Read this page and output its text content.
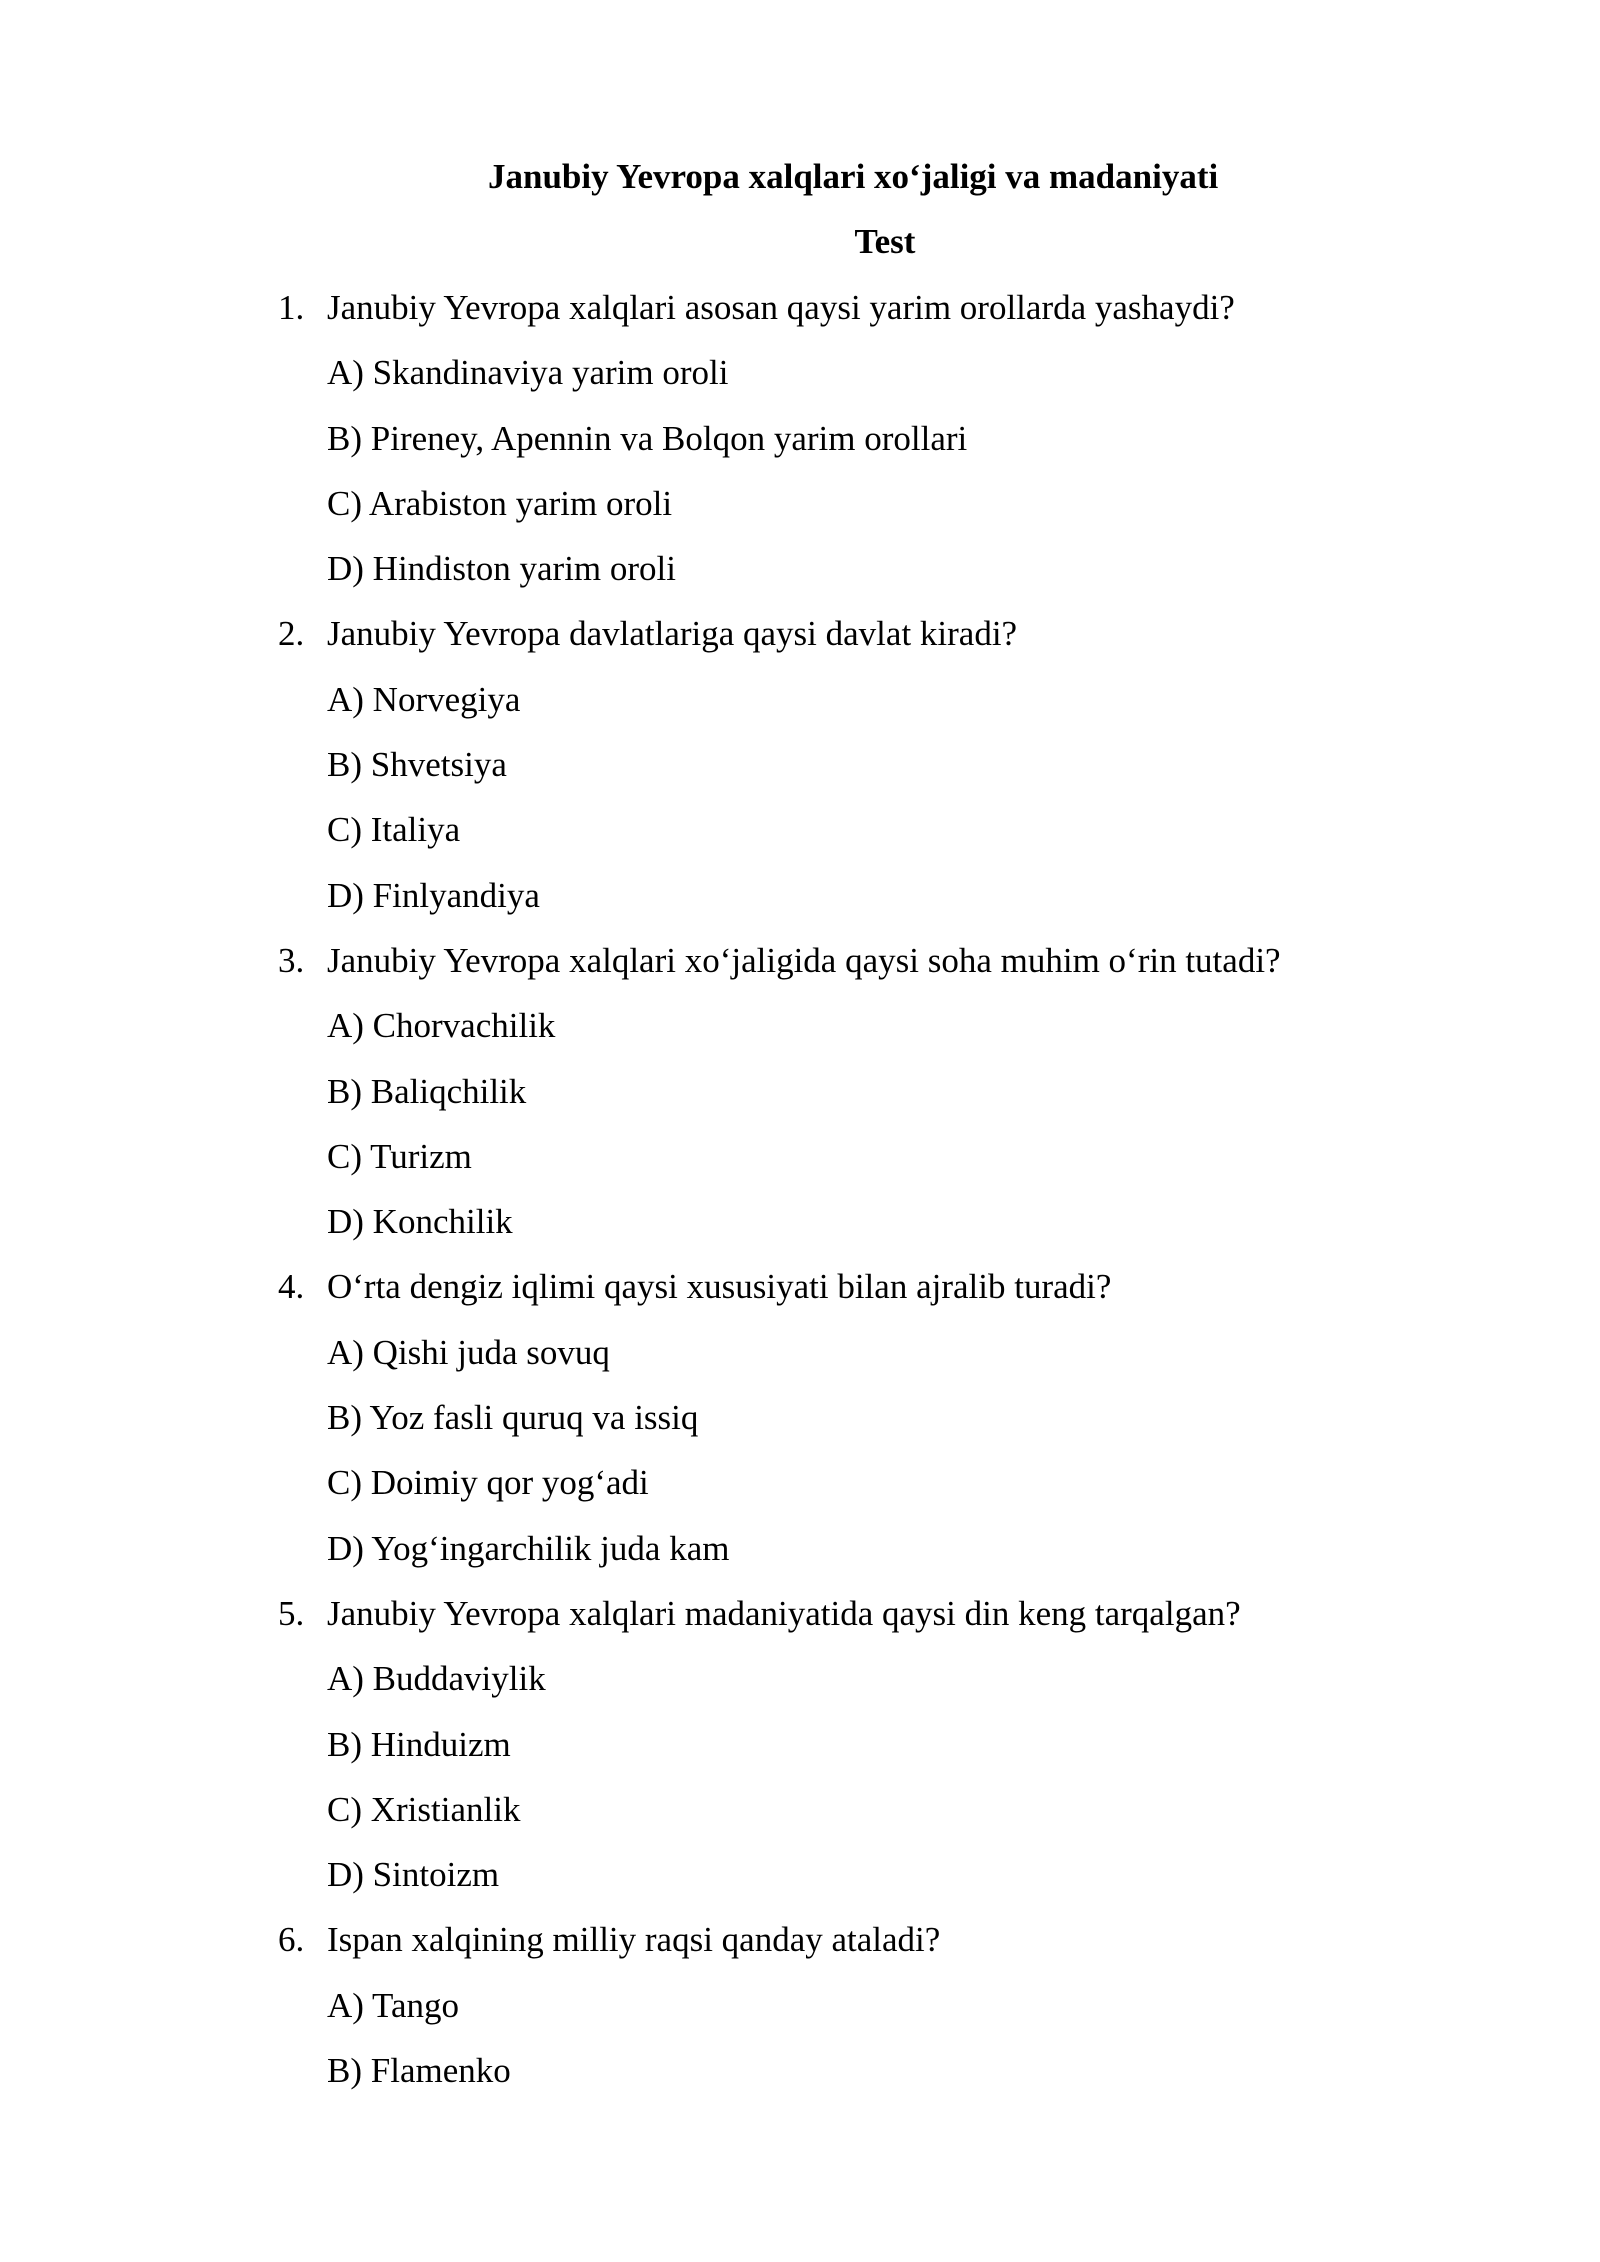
Janubiy Yevropa xalqlari xo‘jaligi va madaniyati
Test
1. Janubiy Yevropa xalqlari asosan qaysi yarim orollarda yashaydi?
A) Skandinaviya yarim oroli
B) Pireney, Apennin va Bolqon yarim orollari
C) Arabiston yarim oroli
D) Hindiston yarim oroli
2. Janubiy Yevropa davlatlariga qaysi davlat kiradi?
A) Norvegiya
B) Shvetsiya
C) Italiya
D) Finlyandiya
3. Janubiy Yevropa xalqlari xo‘jaligida qaysi soha muhim o‘rin tutadi?
A) Chorvachilik
B) Baliqchilik
C) Turizm
D) Konchilik
4. O‘rta dengiz iqlimi qaysi xususiyati bilan ajralib turadi?
A) Qishi juda sovuq
B) Yoz fasli quruq va issiq
C) Doimiy qor yog‘adi
D) Yog‘ingarchilik juda kam
5. Janubiy Yevropa xalqlari madaniyatida qaysi din keng tarqalgan?
A) Buddaviylik
B) Hinduizm
C) Xristianlik
D) Sintoizm
6. Ispan xalqining milliy raqsi qanday ataladi?
A) Tango
B) Flamenko
